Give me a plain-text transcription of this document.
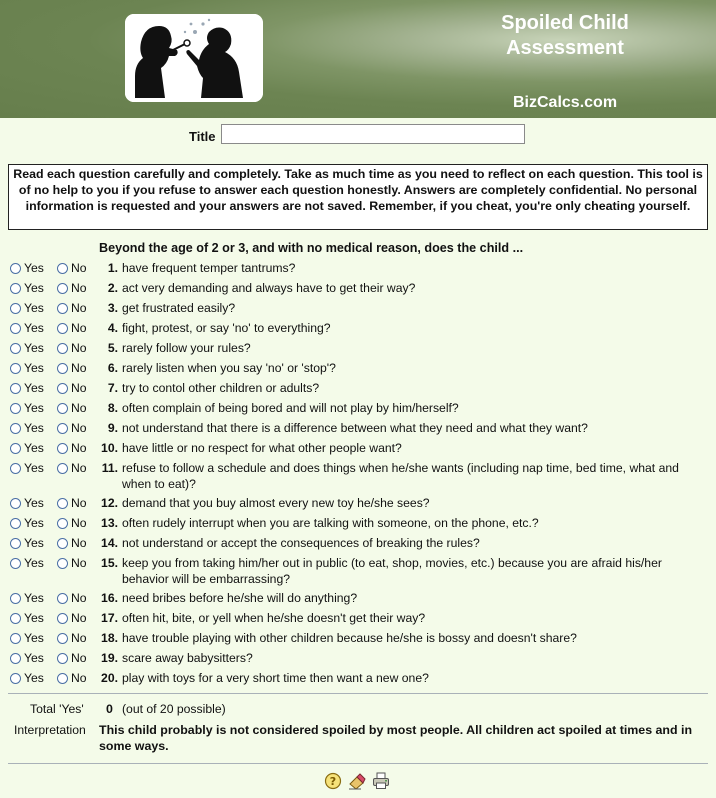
Spoiled Child
Assessment
BizCalcs.com
Title
Read each question carefully and completely. Take as much time as you need to reflect on each question. This tool is of no help to you if you refuse to answer each question honestly. Answers are completely confidential. No personal information is requested and your answers are not saved. Remember, if you cheat, you're only cheating yourself.
Beyond the age of 2 or 3, and with no medical reason, does the child ...
Yes No	1. have frequent temper tantrums?
Yes No	2. act very demanding and always have to get their way?
Yes No	3. get frustrated easily?
Yes No	4. fight, protest, or say 'no' to everything?
Yes No	5. rarely follow your rules?
Yes No	6. rarely listen when you say 'no' or 'stop'?
Yes No	7. try to contol other children or adults?
Yes No	8. often complain of being bored and will not play by him/herself?
Yes No	9. not understand that there is a difference between what they need and what they want?
Yes No 10. have little or no respect for what other people want?
Yes No	11. refuse to follow a schedule and does things when he/she wants (including nap time, bed time, what and when to eat)?
Yes No 12. demand that you buy almost every new toy he/she sees?
Yes No 13. often rudely interrupt when you are talking with someone, on the phone, etc.?
Yes No 14. not understand or accept the consequences of breaking the rules?
Yes No 15. keep you from taking him/her out in public (to eat, shop, movies, etc.) because you are afraid his/her behavior will be embarrassing?
Yes No 16. need bribes before he/she will do anything?
Yes No 17. often hit, bite, or yell when he/she doesn't get their way?
Yes No 18. have trouble playing with other children because he/she is bossy and doesn't share?
Yes No 19. scare away babysitters?
Yes No 20. play with toys for a very short time then want a new one?
Total 'Yes' 0 (out of 20 possible)
Interpretation This child probably is not considered spoiled by most people. All children act spoiled at times and in some ways.
?
